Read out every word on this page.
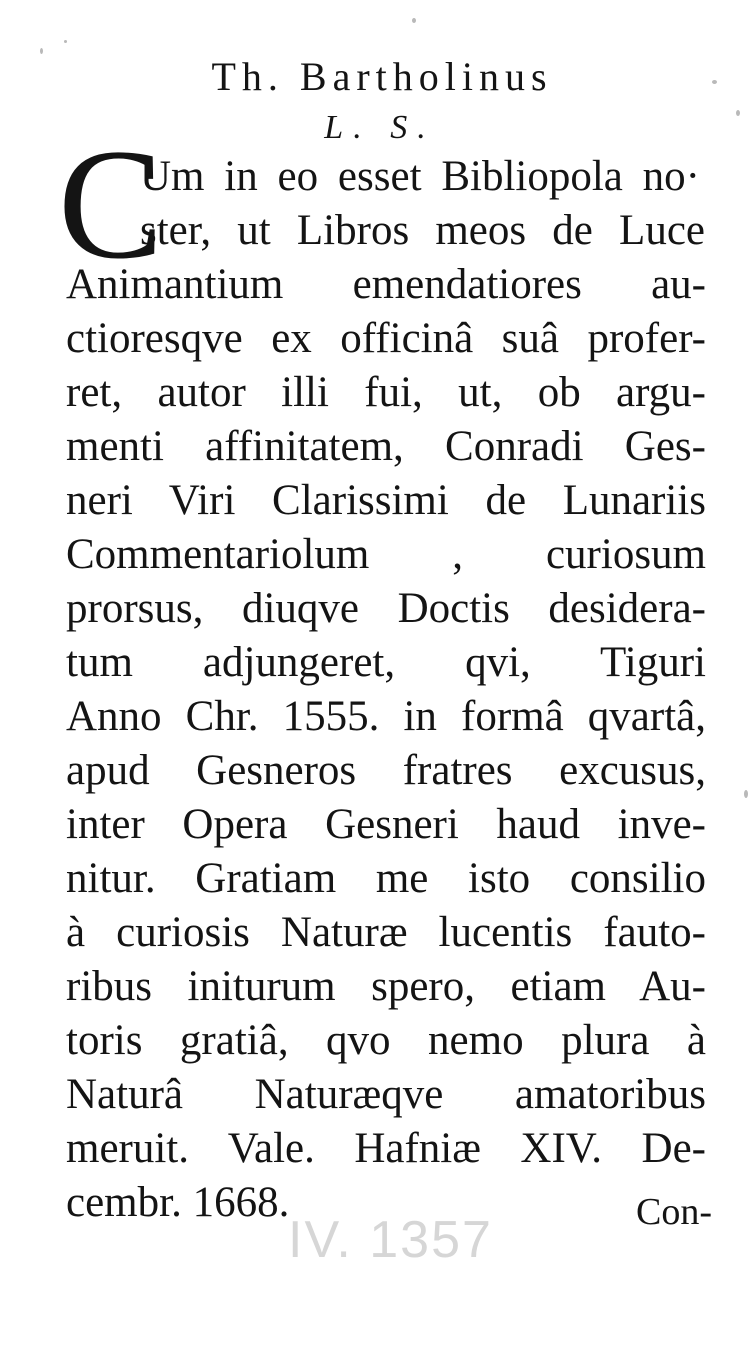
Th. Bartholinus
L. S.
C
Um in eo esset Bibliopola no·
ster, ut Libros meos de Luce
Animantium emendatiores au-
ctioresqve ex officinâ suâ profer-
ret, autor illi fui, ut, ob argu-
menti affinitatem, Conradi Ges-
neri Viri Clarissimi de Lunariis
Commentariolum , curiosum
prorsus, diuqve Doctis desidera-
tum adjungeret, qvi, Tiguri
Anno Chr. 1555. in formâ qvartâ,
apud Gesneros fratres excusus,
inter Opera Gesneri haud inve-
nitur. Gratiam me isto consilio
à curiosis Naturæ lucentis fauto-
ribus initurum spero, etiam Au-
toris gratiâ, qvo nemo plura à
Naturâ Naturæqve amatoribus
meruit. Vale. Hafniæ XIV. De-
cembr. 1668.	Con-
IV. 1357
